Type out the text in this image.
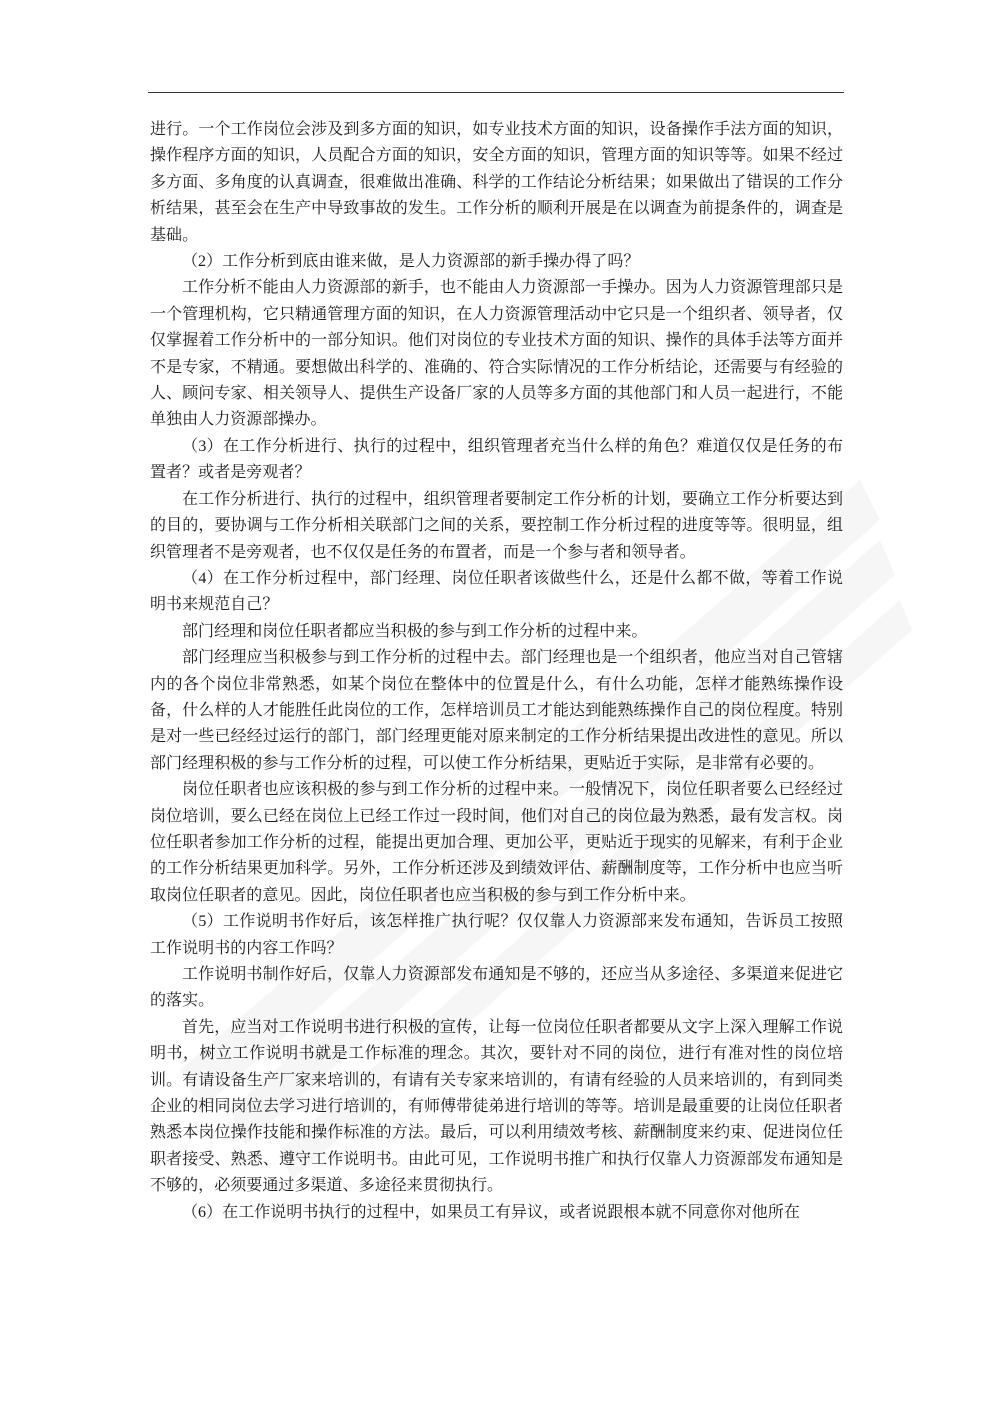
进行。一个工作岗位会涉及到多方面的知识，如专业技术方面的知识，设备操作手法方面的知识，操作程序方面的知识，人员配合方面的知识，安全方面的知识，管理方面的知识等等。如果不经过多方面、多角度的认真调查，很难做出准确、科学的工作结论分析结果；如果做出了错误的工作分析结果，甚至会在生产中导致事故的发生。工作分析的顺利开展是在以调查为前提条件的，调查是基础。

（2）工作分析到底由谁来做，是人力资源部的新手操办得了吗？

工作分析不能由人力资源部的新手，也不能由人力资源部一手操办。因为人力资源管理部只是一个管理机构，它只精通管理方面的知识，在人力资源管理活动中它只是一个组织者、领导者，仅仅掌握着工作分析中的一部分知识。他们对岗位的专业技术方面的知识、操作的具体手法等方面并不是专家，不精通。要想做出科学的、准确的、符合实际情况的工作分析结论，还需要与有经验的人、顾问专家、相关领导人、提供生产设备厂家的人员等多方面的其他部门和人员一起进行，不能单独由人力资源部操办。

（3）在工作分析进行、执行的过程中，组织管理者充当什么样的角色？难道仅仅是任务的布置者？或者是旁观者？

在工作分析进行、执行的过程中，组织管理者要制定工作分析的计划，要确立工作分析要达到的目的，要协调与工作分析相关联部门之间的关系，要控制工作分析过程的进度等等。很明显，组织管理者不是旁观者，也不仅仅是任务的布置者，而是一个参与者和领导者。

（4）在工作分析过程中，部门经理、岗位任职者该做些什么，还是什么都不做，等着工作说明书来规范自己？

部门经理和岗位任职者都应当积极的参与到工作分析的过程中来。

部门经理应当积极参与到工作分析的过程中去。部门经理也是一个组织者，他应当对自己管辖内的各个岗位非常熟悉，如某个岗位在整体中的位置是什么，有什么功能，怎样才能熟练操作设备，什么样的人才能胜任此岗位的工作，怎样培训员工才能达到能熟练操作自己的岗位程度。特别是对一些已经经过运行的部门，部门经理更能对原来制定的工作分析结果提出改进性的意见。所以部门经理积极的参与工作分析的过程，可以使工作分析结果，更贴近于实际，是非常有必要的。

岗位任职者也应该积极的参与到工作分析的过程中来。一般情况下，岗位任职者要么已经经过岗位培训，要么已经在岗位上已经工作过一段时间，他们对自己的岗位最为熟悉，最有发言权。岗位任职者参加工作分析的过程，能提出更加合理、更加公平，更贴近于现实的见解来，有利于企业的工作分析结果更加科学。另外，工作分析还涉及到绩效评估、薪酬制度等，工作分析中也应当听取岗位任职者的意见。因此，岗位任职者也应当积极的参与到工作分析中来。

（5）工作说明书作好后，该怎样推广执行呢？仅仅靠人力资源部来发布通知，告诉员工按照工作说明书的内容工作吗？

工作说明书制作好后，仅靠人力资源部发布通知是不够的，还应当从多途径、多渠道来促进它的落实。

首先，应当对工作说明书进行积极的宣传，让每一位岗位任职者都要从文字上深入理解工作说明书，树立工作说明书就是工作标准的理念。其次，要针对不同的岗位，进行有准对性的岗位培训。有请设备生产厂家来培训的，有请有关专家来培训的，有请有经验的人员来培训的，有到同类企业的相同岗位去学习进行培训的，有师傅带徒弟进行培训的等等。培训是最重要的让岗位任职者熟悉本岗位操作技能和操作标准的方法。最后，可以利用绩效考核、薪酬制度来约束、促进岗位任职者接受、熟悉、遵守工作说明书。由此可见，工作说明书推广和执行仅靠人力资源部发布通知是不够的，必须要通过多渠道、多途径来贯彻执行。

（6）在工作说明书执行的过程中，如果员工有异议，或者说跟根本就不同意你对他所在
